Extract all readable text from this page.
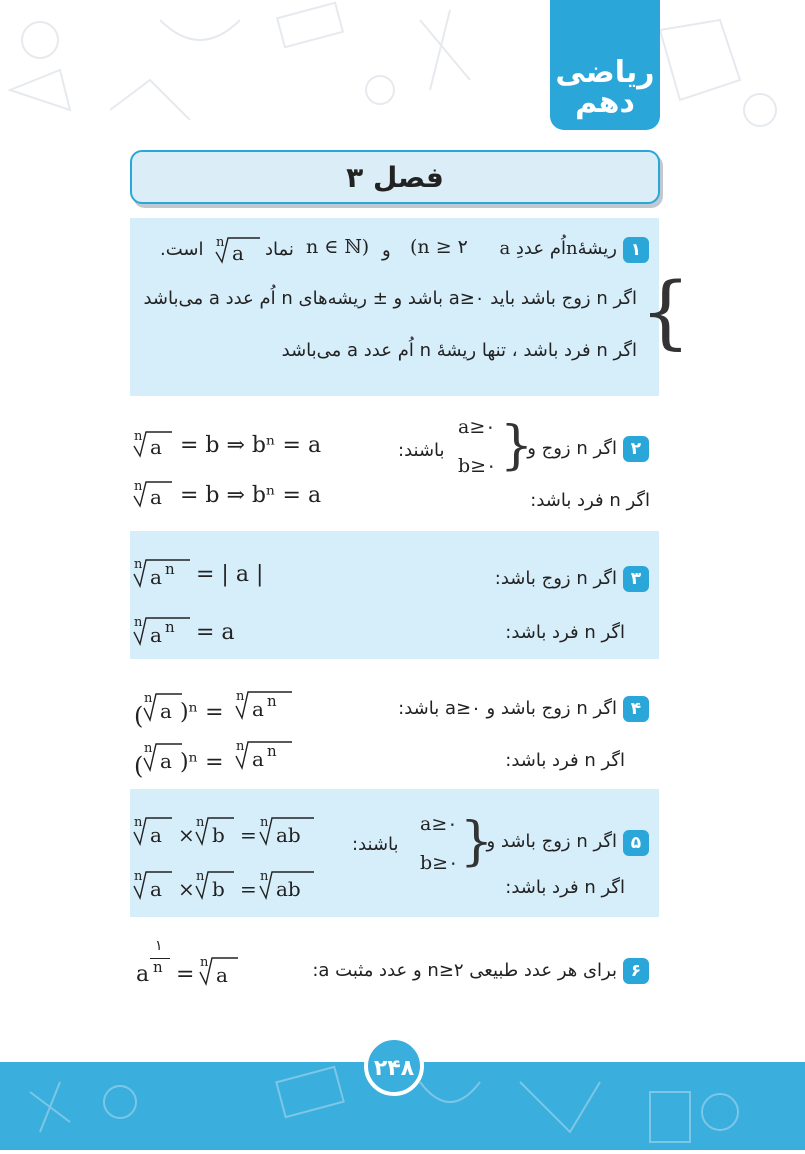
ریاضی
دهم
فصل ۳
۱
ریشهٔnاُم عددِ a
(n ≥ ۲
و
n ∈ ℕ)
نماد
n a
است.
{
اگر n زوج باشد باید a≥۰ باشد و ± ریشه‌های n اُم عدد a می‌باشد
اگر n فرد باشد ، تنها ریشهٔ n اُم عدد a می‌باشد
۲
اگر n زوج و
}
a≥۰
b≥۰
باشند:
اگر n فرد باشد:
n a = b ⇒ bⁿ = a
n a = b ⇒ bⁿ = a
۳
اگر n زوج باشد:
اگر n فرد باشد:
n
a n = | a |
n
a n = a
۴
اگر n زوج باشد و a≥۰ باشد:
اگر n فرد باشد:
(
n
a )ⁿ =
n
a n
(
n
a )ⁿ =
n
a n
۵
اگر n زوج باشد و
}
a≥۰
b≥۰
باشند:
اگر n فرد باشد:
n
a ×
n
b =
n
ab
n
a ×
n
b =
n
ab
۶
برای هر عدد طبیعی n≥۲ و عدد مثبت a:
a
۱
n = n
a
۲۴۸
